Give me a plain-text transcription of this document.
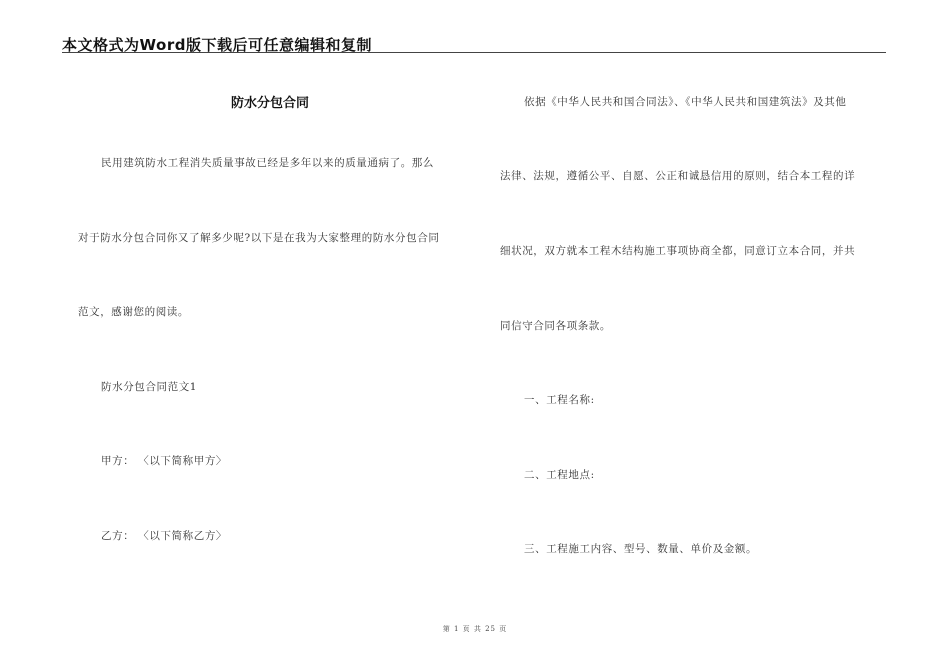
本文格式为Word版下载后可任意编辑和复制
防水分包合同
民用建筑防水工程消失质量事故已经是多年以来的质量通病了。那么
对于防水分包合同你又了解多少呢?以下是在我为大家整理的防水分包合同
范文，感谢您的阅读。
防水分包合同范文1
甲方： 〈以下简称甲方〉
乙方： 〈以下简称乙方〉
依据《中华人民共和国合同法》、《中华人民共和国建筑法》及其他
法律、法规，遵循公平、自愿、公正和诚恳信用的原则，结合本工程的详
细状况，双方就本工程木结构施工事项协商全都，同意订立本合同，并共
同信守合同各项条款。
一、工程名称:
二、工程地点:
三、工程施工内容、型号、数量、单价及金额。
第 1 页 共 25 页
